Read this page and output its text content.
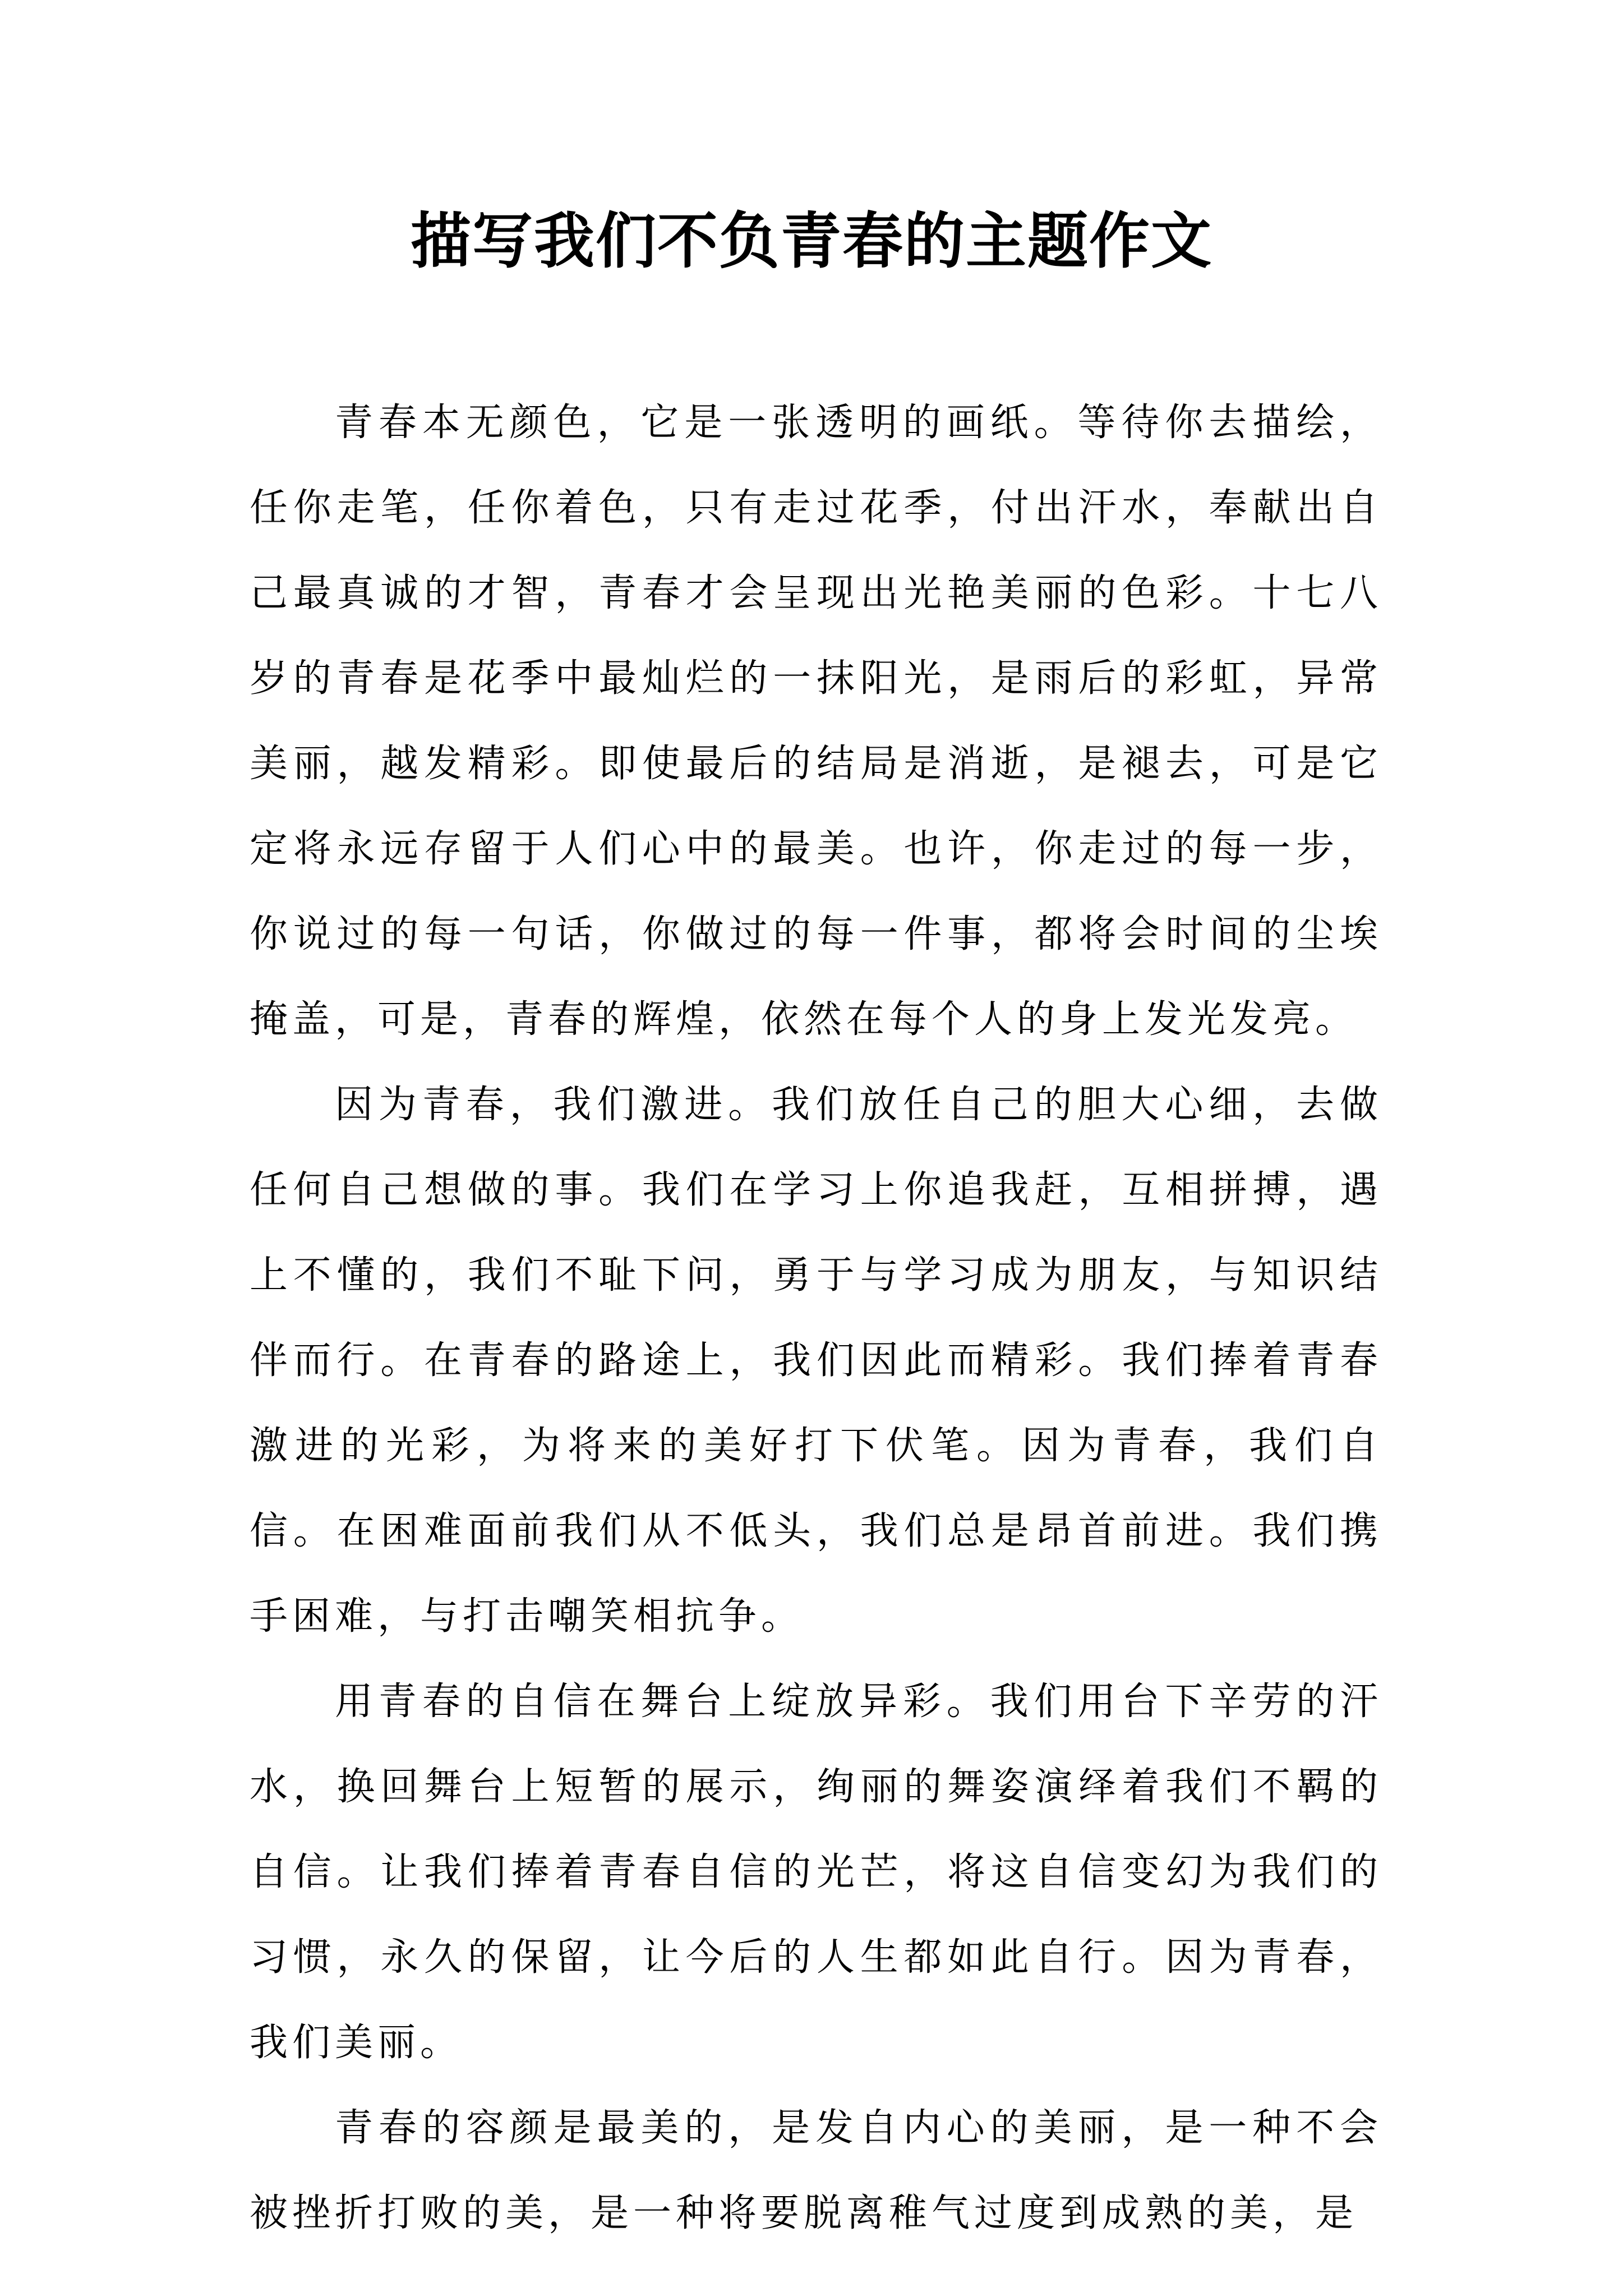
描写我们不负青春的主题作文

青春本无颜色，它是一张透明的画纸。等待你去描绘，任你走笔，任你着色，只有走过花季，付出汗水，奉献出自己最真诚的才智，青春才会呈现出光艳美丽的色彩。十七八岁的青春是花季中最灿烂的一抹阳光，是雨后的彩虹，异常美丽，越发精彩。即使最后的结局是消逝，是褪去，可是它定将永远存留于人们心中的最美。也许，你走过的每一步，你说过的每一句话，你做过的每一件事，都将会时间的尘埃掩盖，可是，青春的辉煌，依然在每个人的身上发光发亮。

因为青春，我们激进。我们放任自己的胆大心细，去做任何自己想做的事。我们在学习上你追我赶，互相拼搏，遇上不懂的，我们不耻下问，勇于与学习成为朋友，与知识结伴而行。在青春的路途上，我们因此而精彩。我们捧着青春激进的光彩，为将来的美好打下伏笔。因为青春，我们自信。在困难面前我们从不低头，我们总是昂首前进。我们携手困难，与打击嘲笑相抗争。

用青春的自信在舞台上绽放异彩。我们用台下辛劳的汗水，换回舞台上短暂的展示，绚丽的舞姿演绎着我们不羁的自信。让我们捧着青春自信的光芒，将这自信变幻为我们的习惯，永久的保留，让今后的人生都如此自行。因为青春，我们美丽。

青春的容颜是最美的，是发自内心的美丽，是一种不会被挫折打败的美，是一种将要脱离稚气过度到成熟的美，是
